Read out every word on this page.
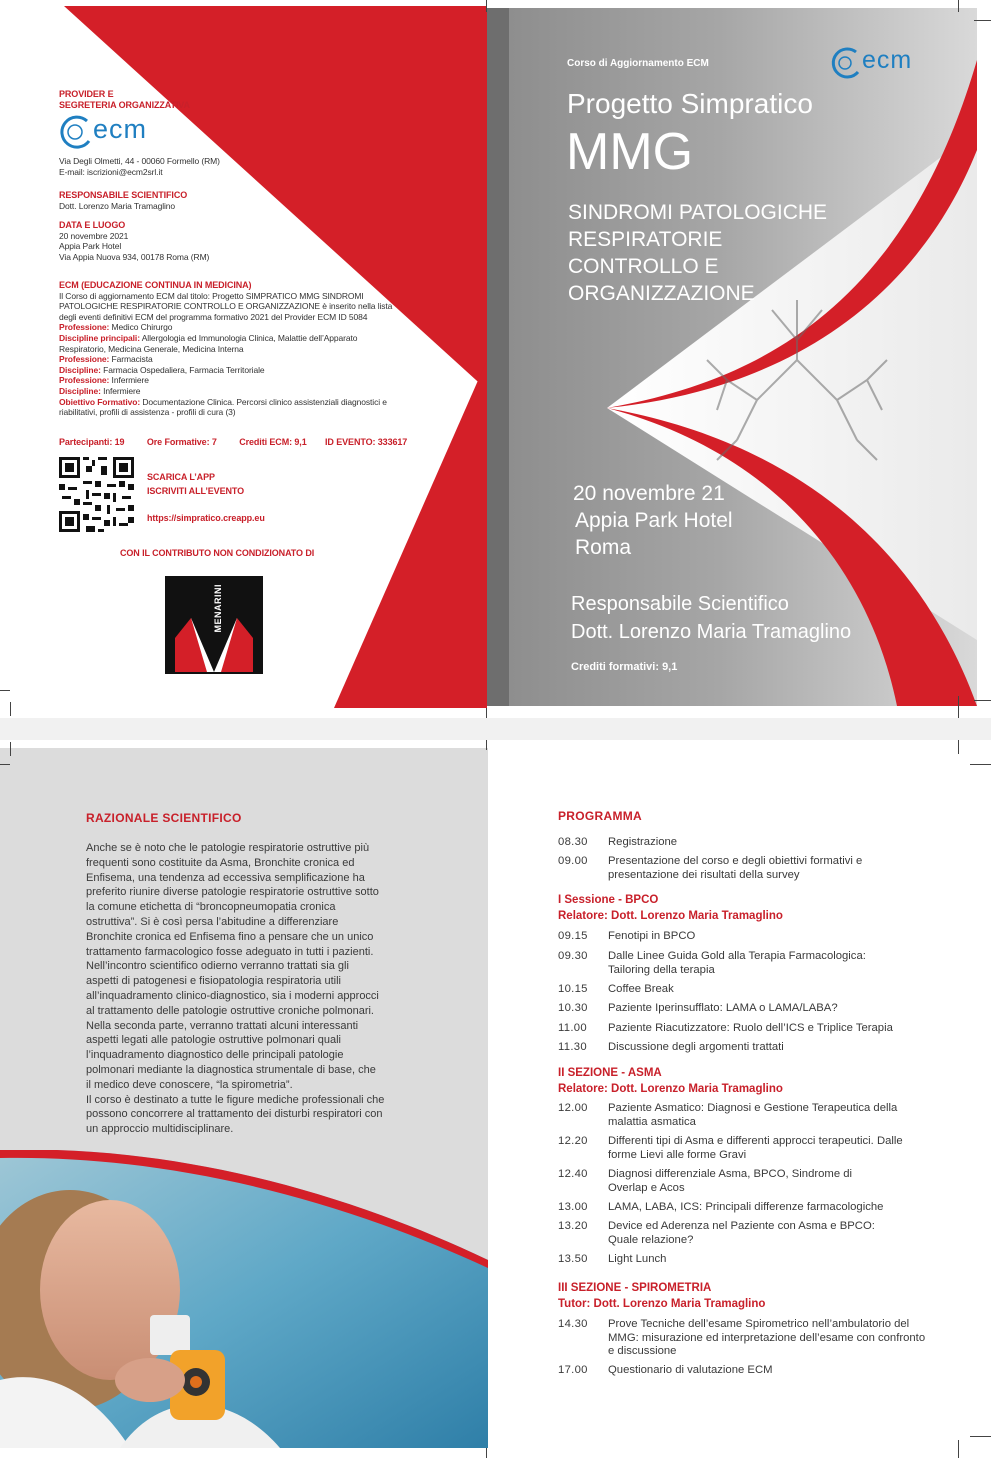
PROVIDER E
SEGRETERIA ORGANIZZATIVA
ecm
Via Degli Olmetti, 44 - 00060 Formello (RM)
E-mail: iscrizioni@ecm2srl.it
RESPONSABILE SCIENTIFICO
Dott. Lorenzo Maria Tramaglino
DATA E LUOGO
20 novembre 2021
Appia Park Hotel
Via Appia Nuova 934, 00178 Roma (RM)
ECM (EDUCAZIONE CONTINUA IN MEDICINA)
Il Corso di aggiornamento ECM dal titolo: Progetto SIMPRATICO MMG SINDROMI
PATOLOGICHE RESPIRATORIE CONTROLLO E ORGANIZZAZIONE è inserito nella lista
degli eventi definitivi ECM del programma formativo 2021 del Provider ECM ID 5084
Professione: Medico Chirurgo
Discipline principali: Allergologia ed Immunologia Clinica, Malattie dell’Apparato
Respiratorio, Medicina Generale, Medicina Interna
Professione: Farmacista
Discipline: Farmacia Ospedaliera, Farmacia Territoriale
Professione: Infermiere
Discipline: Infermiere
Obiettivo Formativo: Documentazione Clinica. Percorsi clinico assistenziali diagnostici e
riabilitativi, profili di assistenza - profili di cura (3)
Partecipanti: 19 Ore Formative: 7 Crediti ECM: 9,1 ID EVENTO: 333617
SCARICA L’APP
ISCRIVITI ALL’EVENTO
https://simpratico.creapp.eu
CON IL CONTRIBUTO NON CONDIZIONATO DI
MENARINI
Corso di Aggiornamento ECM	ecm
Progetto Simpratico
MMG
SINDROMI PATOLOGICHE
RESPIRATORIE
CONTROLLO E
ORGANIZZAZIONE
20 novembre 21
Appia Park Hotel
Roma
Responsabile Scientifico
Dott. Lorenzo Maria Tramaglino
Crediti formativi: 9,1
RAZIONALE SCIENTIFICO
Anche se è noto che le patologie respiratorie ostruttive più
frequenti sono costituite da Asma, Bronchite cronica ed
Enfisema, una tendenza ad eccessiva semplificazione ha
preferito riunire diverse patologie respiratorie ostruttive sotto
la comune etichetta di “broncopneumopatia cronica
ostruttiva”. Si è così persa l’abitudine a differenziare
Bronchite cronica ed Enfisema fino a pensare che un unico
trattamento farmacologico fosse adeguato in tutti i pazienti.
Nell’incontro scientifico odierno verranno trattati sia gli
aspetti di patogenesi e fisiopatologia respiratoria utili
all’inquadramento clinico-diagnostico, sia i moderni approcci
al trattamento delle patologie ostruttive croniche polmonari.
Nella seconda parte, verranno trattati alcuni interessanti
aspetti legati alle patologie ostruttive polmonari quali
l’inquadramento diagnostico delle principali patologie
polmonari mediante la diagnostica strumentale di base, che
il medico deve conoscere, “la spirometria”.
Il corso è destinato a tutte le figure mediche professionali che
possono concorrere al trattamento dei disturbi respiratori con
un approccio multidisciplinare.
PROGRAMMA
08.30	Registrazione
09.00	Presentazione del corso e degli obiettivi formativi e presentazione dei risultati della survey
I Sessione - BPCO
Relatore: Dott. Lorenzo Maria Tramaglino
09.15	Fenotipi in BPCO
09.30	Dalle Linee Guida Gold alla Terapia Farmacologica: Tailoring della terapia
10.15	Coffee Break
10.30	Paziente Iperinsufflato: LAMA o LAMA/LABA?
11.00	Paziente Riacutizzatore: Ruolo dell’ICS e Triplice Terapia
11.30	Discussione degli argomenti trattati
II SEZIONE - ASMA
Relatore: Dott. Lorenzo Maria Tramaglino
12.00	Paziente Asmatico: Diagnosi e Gestione Terapeutica della malattia asmatica
12.20	Differenti tipi di Asma e differenti approcci terapeutici. Dalle forme Lievi alle forme Gravi
12.40	Diagnosi differenziale Asma, BPCO, Sindrome di Overlap e Acos
13.00	LAMA, LABA, ICS: Principali differenze farmacologiche
13.20	Device ed Aderenza nel Paziente con Asma e BPCO: Quale relazione?
13.50	Light Lunch
III SEZIONE - SPIROMETRIA
Tutor: Dott. Lorenzo Maria Tramaglino
14.30	Prove Tecniche dell’esame Spirometrico nell’ambulatorio del MMG: misurazione ed interpretazione dell’esame con confronto e discussione
17.00	Questionario di valutazione ECM
